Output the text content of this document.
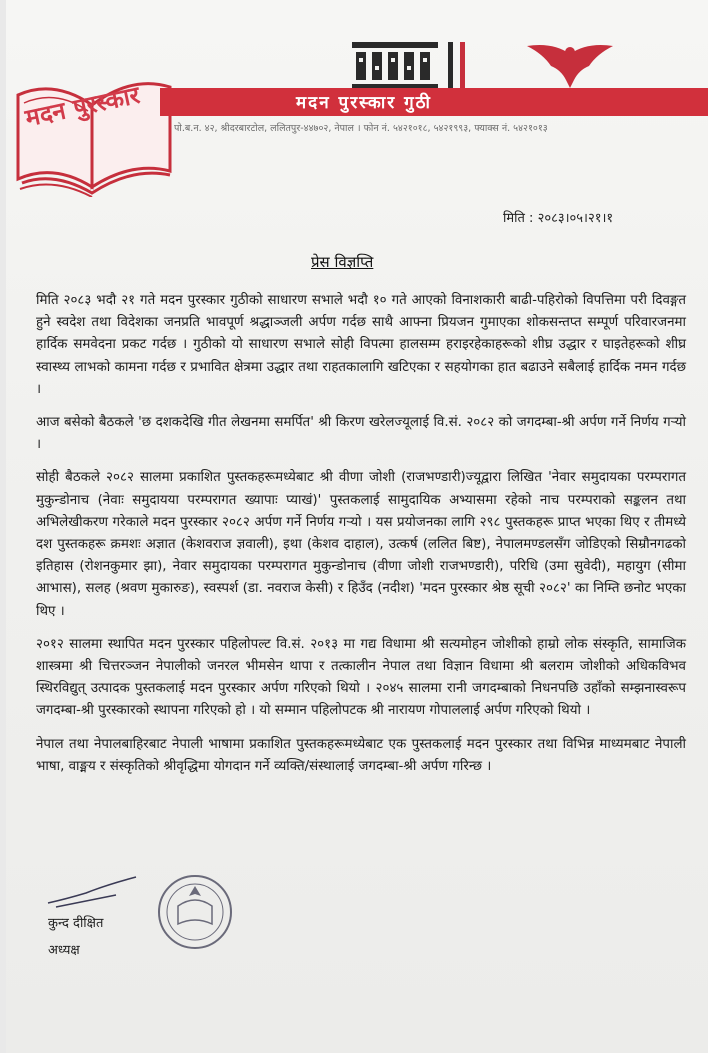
मदन पुरस्कार	मदन पुरस्कार गुठी
पो.ब.न. ४२, श्रीदरबारटोल, ललितपुर-४४७०२, नेपाल । फोन नं. ५४२१०१८, ५४२१९९३, फ्याक्स नं. ५४२१०१३
मिति : २०८३।०५।२१।१
प्रेस विज्ञप्ति

मिति २०८३ भदौ २१ गते मदन पुरस्कार गुठीको साधारण सभाले भदौ १० गते आएको विनाशकारी बाढी-पहिरोको विपत्तिमा परी दिवङ्गत हुने स्वदेश तथा विदेशका जनप्रति भावपूर्ण श्रद्धाञ्जली अर्पण गर्दछ साथै आफ्ना प्रियजन गुमाएका शोकसन्तप्त सम्पूर्ण परिवारजनमा हार्दिक समवेदना प्रकट गर्दछ । गुठीको यो साधारण सभाले सोही विपत्मा हालसम्म हराइरहेकाहरूको शीघ्र उद्धार र घाइतेहरूको शीघ्र स्वास्थ्य लाभको कामना गर्दछ र प्रभावित क्षेत्रमा उद्धार तथा राहतकालागि खटिएका र सहयोगका हात बढाउने सबैलाई हार्दिक नमन गर्दछ ।

आज बसेको बैठकले 'छ दशकदेखि गीत लेखनमा समर्पित' श्री किरण खरेलज्यूलाई वि.सं. २०८२ को जगदम्बा-श्री अर्पण गर्ने निर्णय गऱ्यो ।

सोही बैठकले २०८२ सालमा प्रकाशित पुस्तकहरूमध्येबाट श्री वीणा जोशी (राजभण्डारी)ज्यूद्वारा लिखित 'नेवार समुदायका परम्परागत मुकुन्डोनाच (नेवाः समुदायया परम्परागत ख्यापाः प्याखं)' पुस्तकलाई सामुदायिक अभ्यासमा रहेको नाच परम्पराको सङ्कलन तथा अभिलेखीकरण गरेकाले मदन पुरस्कार २०८२ अर्पण गर्ने निर्णय गऱ्यो । यस प्रयोजनका लागि २९८ पुस्तकहरू प्राप्त भएका थिए र तीमध्ये दश पुस्तकहरू क्रमशः अज्ञात (केशवराज ज्ञवाली), इथा (केशव दाहाल), उत्कर्ष (ललित बिष्ट), नेपालमण्डलसँग जोडिएको सिम्रौनगढको इतिहास (रोशनकुमार झा), नेवार समुदायका परम्परागत मुकुन्डोनाच (वीणा जोशी राजभण्डारी), परिधि (उमा सुवेदी), महायुग (सीमा आभास), सलह (श्रवण मुकारुङ), स्वस्पर्श (डा. नवराज केसी) र हिउँद (नदीश) 'मदन पुरस्कार श्रेष्ठ सूची २०८२' का निम्ति छनोट भएका थिए ।

२०१२ सालमा स्थापित मदन पुरस्कार पहिलोपल्ट वि.सं. २०१३ मा गद्य विधामा श्री सत्यमोहन जोशीको हाम्रो लोक संस्कृति, सामाजिक शास्त्रमा श्री चित्तरञ्जन नेपालीको जनरल भीमसेन थापा र तत्कालीन नेपाल तथा विज्ञान विधामा श्री बलराम जोशीको अधिकविभव स्थिरविद्युत् उत्पादक पुस्तकलाई मदन पुरस्कार अर्पण गरिएको थियो । २०४५ सालमा रानी जगदम्बाको निधनपछि उहाँको सम्झनास्वरूप जगदम्बा-श्री पुरस्कारको स्थापना गरिएको हो । यो सम्मान पहिलोपटक श्री नारायण गोपाललाई अर्पण गरिएको थियो ।

नेपाल तथा नेपालबाहिरबाट नेपाली भाषामा प्रकाशित पुस्तकहरूमध्येबाट एक पुस्तकलाई मदन पुरस्कार तथा विभिन्न माध्यमबाट नेपाली भाषा, वाङ्मय र संस्कृतिको श्रीवृद्धिमा योगदान गर्ने व्यक्ति/संस्थालाई जगदम्बा-श्री अर्पण गरिन्छ ।

कुन्द दीक्षित
अध्यक्ष
